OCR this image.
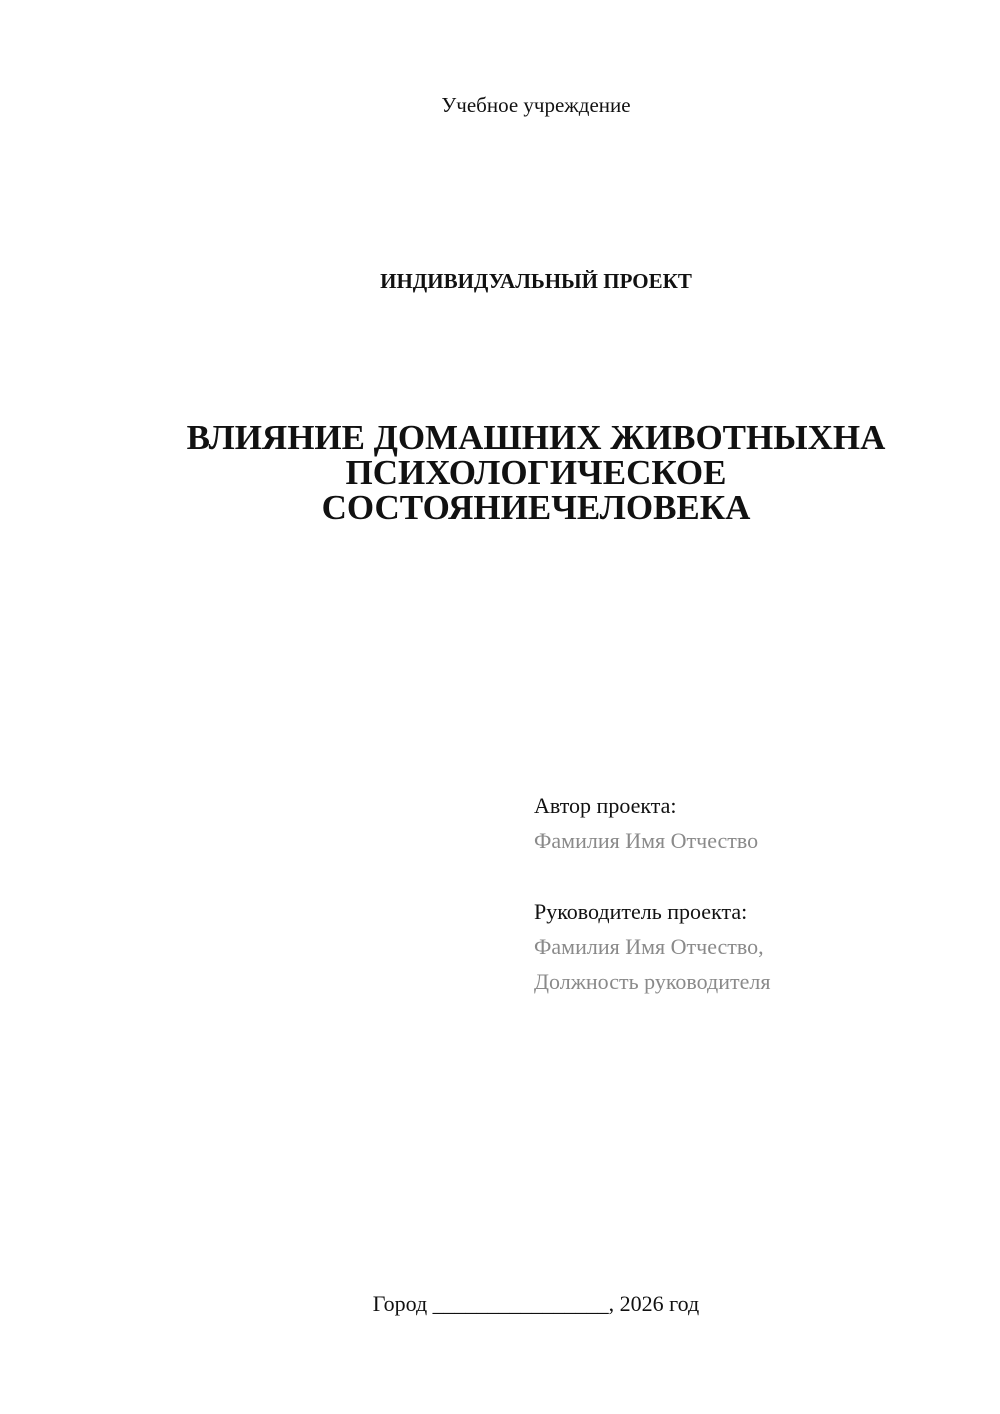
Учебное учреждение
ИНДИВИДУАЛЬНЫЙ ПРОЕКТ
ВЛИЯНИЕ ДОМАШНИХ ЖИВОТНЫХНА
ПСИХОЛОГИЧЕСКОЕ
СОСТОЯНИЕЧЕЛОВЕКА
Автор проекта:
Фамилия Имя Отчество
Руководитель проекта:
Фамилия Имя Отчество,
Должность руководителя
Город ________________, 2026 год
